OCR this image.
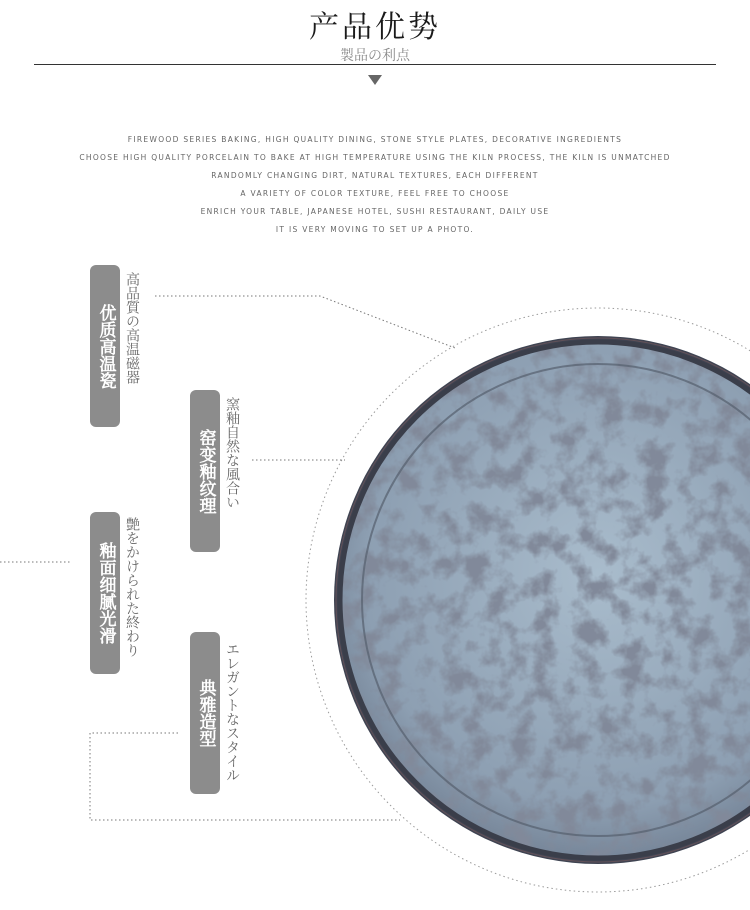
产品优势
製品の利点
FIREWOOD SERIES BAKING, HIGH QUALITY DINING, STONE STYLE PLATES, DECORATIVE INGREDIENTS
CHOOSE HIGH QUALITY PORCELAIN TO BAKE AT HIGH TEMPERATURE USING THE KILN PROCESS, THE KILN IS UNMATCHED
RANDOMLY CHANGING DIRT, NATURAL TEXTURES, EACH DIFFERENT
A VARIETY OF COLOR TEXTURE, FEEL FREE TO CHOOSE
ENRICH YOUR TABLE, JAPANESE HOTEL, SUSHI RESTAURANT, DAILY USE
IT IS VERY MOVING TO SET UP A PHOTO.
优质高温瓷 高品質の高温磁器
窑变釉纹理 窯釉自然な風合い
釉面细腻光滑 艶をかけられた終わり
典雅造型 エレガントなスタイル
